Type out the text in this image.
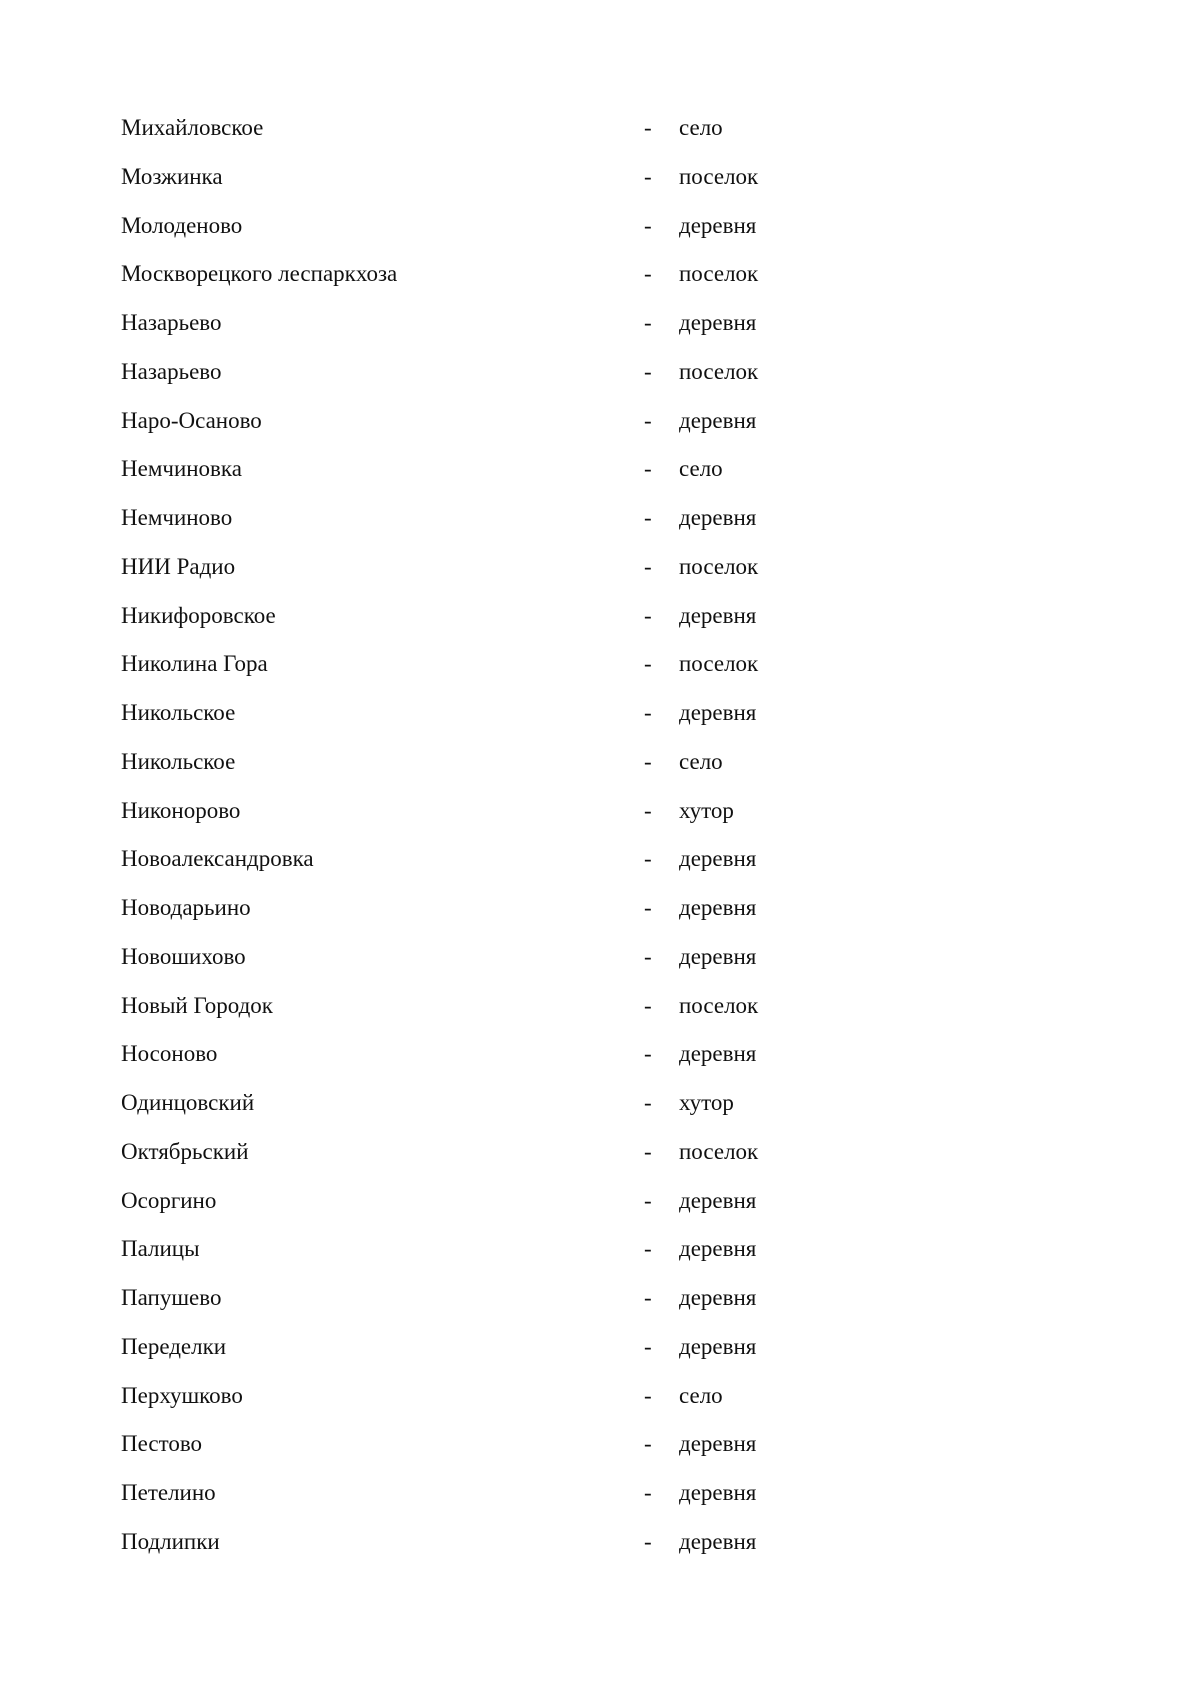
Михайловское	- село
Мозжинка	- поселок
Молоденово	- деревня
Москворецкого леспаркхоза	- поселок
Назарьево	- деревня
Назарьево	- поселок
Наро-Осаново	- деревня
Немчиновка	- село
Немчиново	- деревня
НИИ Радио	- поселок
Никифоровское	- деревня
Николина Гора	- поселок
Никольское	- деревня
Никольское	- село
Никонорово	- хутор
Новоалександровка	- деревня
Новодарьино	- деревня
Новошихово	- деревня
Новый Городок	- поселок
Носоново	- деревня
Одинцовский	- хутор
Октябрьский	- поселок
Осоргино	- деревня
Палицы	- деревня
Папушево	- деревня
Переделки	- деревня
Перхушково	- село
Пестово	- деревня
Петелино	- деревня
Подлипки	- деревня
